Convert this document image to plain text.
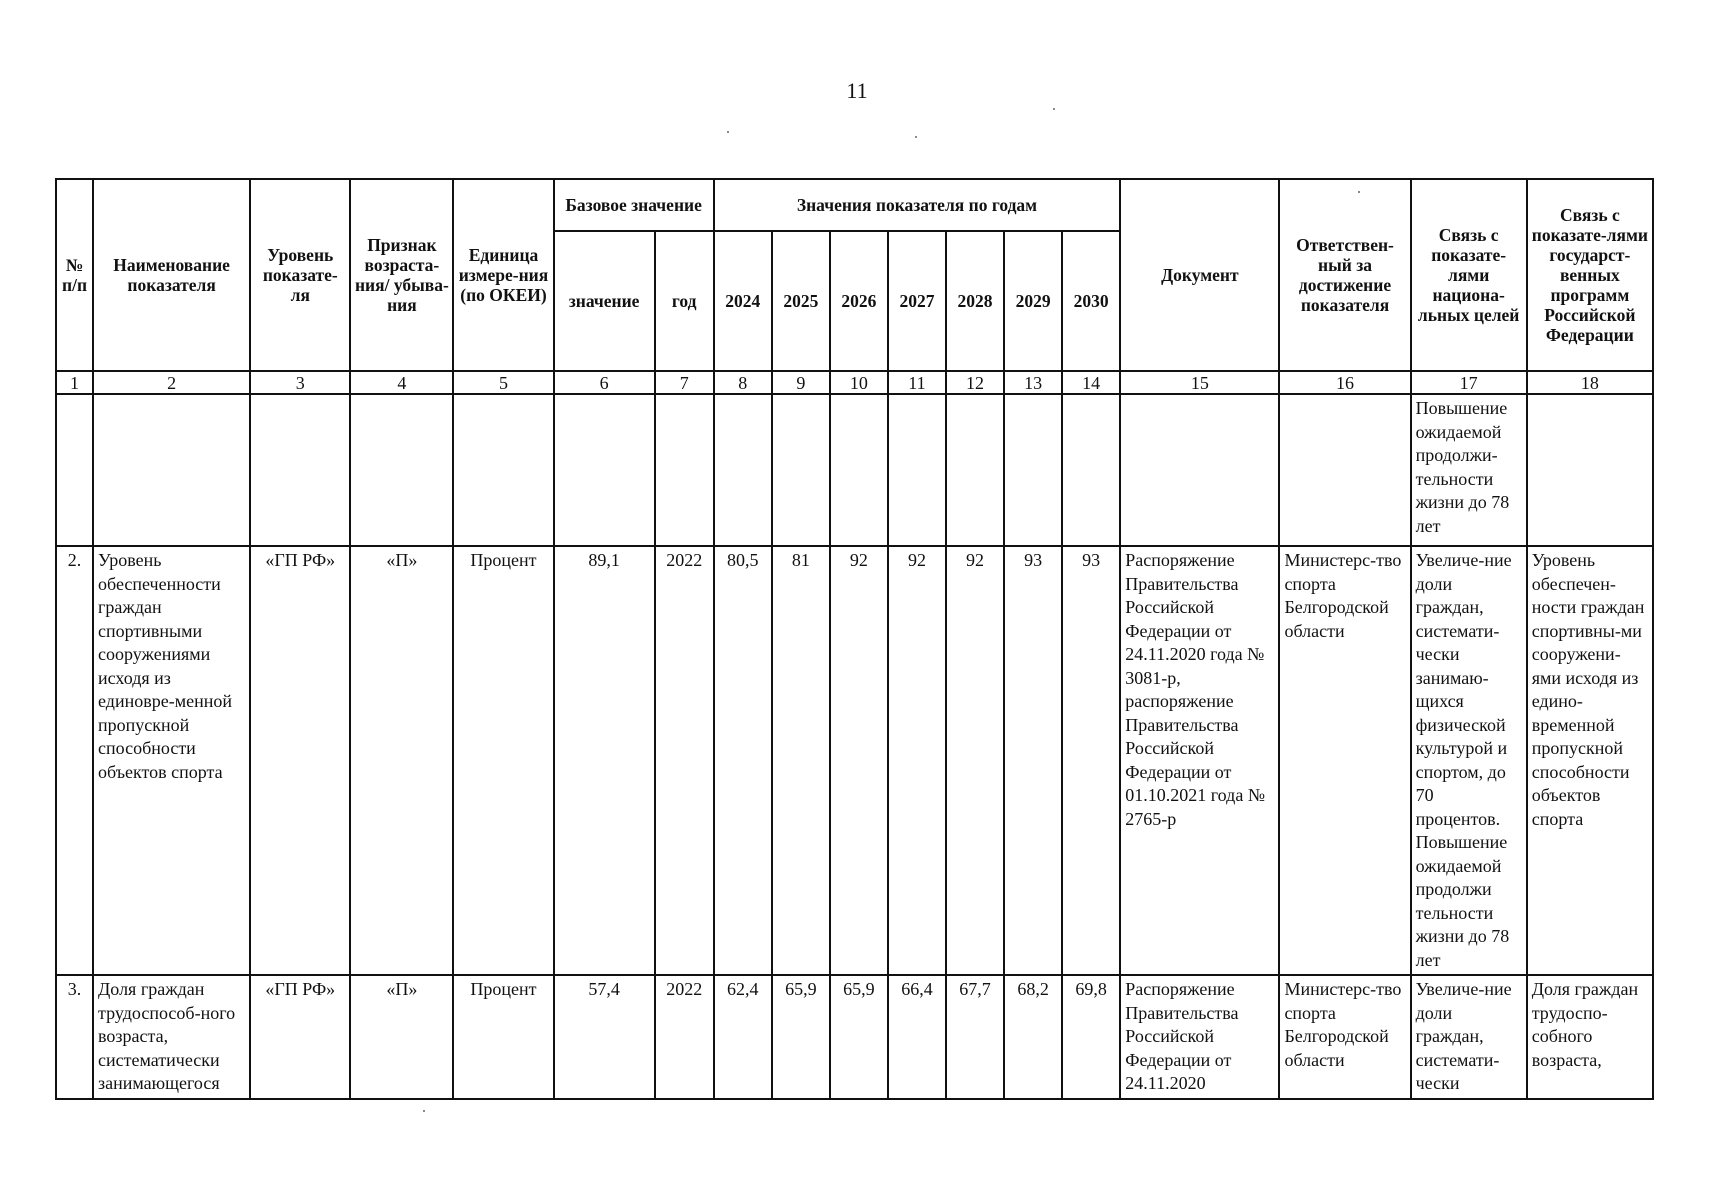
11
№ п/п	Наименование показателя	Уровень показате-ля	Признак возраста-ния/ убыва-ния	Единица измере-ния (по ОКЕИ)	Базовое значение		Значения показателя по годам							Документ	Ответствен-ный за достижение показателя	Связь с показате-лями национа-льных целей	Связь с показате-лями государст-венных программ Российской Федерации
					значение	год	2024	2025	2026	2027	2028	2029	2030				
1	2	3	4	5	6	7	8	9	10	11	12	13	14	15	16	17	18
																Повышение ожидаемой продолжи-тельности жизни до 78 лет	
2.	Уровень обеспеченности граждан спортивными сооружениями исходя из единовре-менной пропускной способности объектов спорта	«ГП РФ»	«П»	Процент	89,1	2022	80,5	81	92	92	92	93	93	Распоряжение Правительства Российской Федерации от 24.11.2020 года № 3081-р, распоряжение Правительства Российской Федерации от 01.10.2021 года № 2765-р	Министерс-тво спорта Белгородской области	Увеличе-ние доли граждан, системати-чески занимаю-щихся физической культурой и спортом, до 70 процентов. Повышение ожидаемой продолжи тельности жизни до 78 лет	Уровень обеспечен-ности граждан спортивны-ми сооружени-ями исходя из едино-временной пропускной способности объектов спорта
3.	Доля граждан трудоспособ-ного возраста, систематически занимающегося	«ГП РФ»	«П»	Процент	57,4	2022	62,4	65,9	65,9	66,4	67,7	68,2	69,8	Распоряжение Правительства Российской Федерации от 24.11.2020	Министерс-тво спорта Белгородской области	Увеличе-ние доли граждан, системати-чески	Доля граждан трудоспо-собного возраста,
